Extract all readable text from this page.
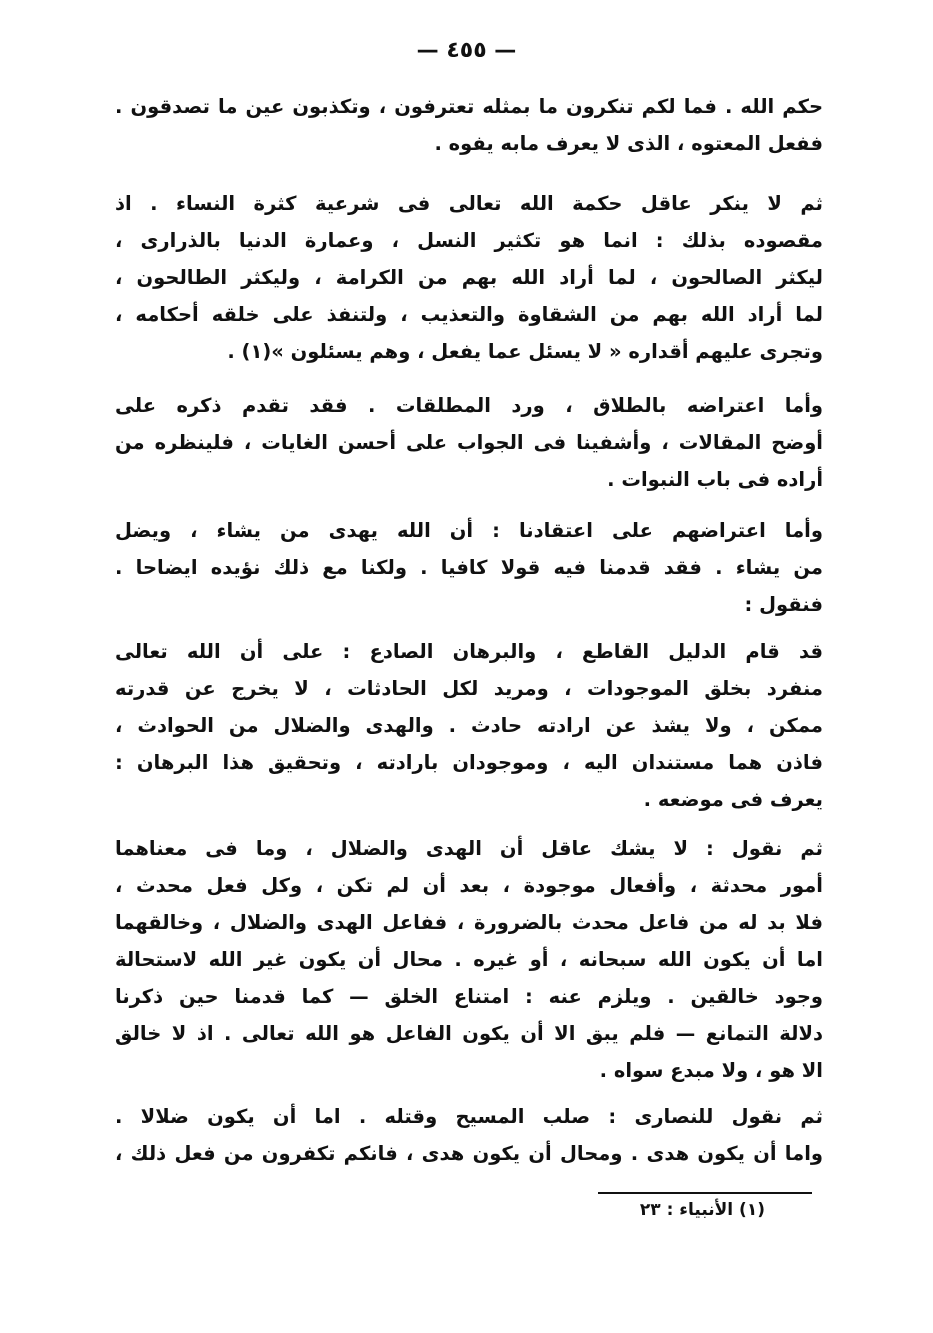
— ٤٥٥ —
حكم الله . فما لكم تنكرون ما بمثله تعترفون ، وتكذبون عين ما تصدقون .
ففعل المعتوه ، الذى لا يعرف مابه يفوه .
ثم لا ينكر عاقل حكمة الله تعالى فى شرعية كثرة النساء . اذ
مقصوده بذلك : انما هو تكثير النسل ، وعمارة الدنيا بالذرارى ،
ليكثر الصالحون ، لما أراد الله بهم من الكرامة ، وليكثر الطالحون ،
لما أراد الله بهم من الشقاوة والتعذيب ، ولتنفذ على خلقه أحكامه ،
وتجرى عليهم أقداره « لا يسئل عما يفعل ، وهم يسئلون »(١) .
وأما اعتراضه بالطلاق ، ورد المطلقات . فقد تقدم ذكره على
أوضح المقالات ، وأشفينا فى الجواب على أحسن الغايات ، فلينظره من
أراده فى باب النبوات .
وأما اعتراضهم على اعتقادنا : أن الله يهدى من يشاء ، ويضل
من يشاء . فقد قدمنا فيه قولا كافيا . ولكنا مع ذلك نؤيده ايضاحا .
فنقول :
قد قام الدليل القاطع ، والبرهان الصادع : على أن الله تعالى
منفرد بخلق الموجودات ، ومريد لكل الحادثات ، لا يخرج عن قدرته
ممكن ، ولا يشذ عن ارادته حادث . والهدى والضلال من الحوادث ،
فاذن هما مستندان اليه ، وموجودان بارادته ، وتحقيق هذا البرهان :
يعرف فى موضعه .
ثم نقول : لا يشك عاقل أن الهدى والضلال ، وما فى معناهما
أمور محدثة ، وأفعال موجودة ، بعد أن لم تكن ، وكل فعل محدث ،
فلا بد له من فاعل محدث بالضرورة ، ففاعل الهدى والضلال ، وخالقهما
اما أن يكون الله سبحانه ، أو غيره . محال أن يكون غير الله لاستحالة
وجود خالقين . ويلزم عنه : امتناع الخلق — كما قدمنا حين ذكرنا
دلالة التمانع — فلم يبق الا أن يكون الفاعل هو الله تعالى . اذ لا خالق
الا هو ، ولا مبدع سواه .
ثم نقول للنصارى : صلب المسيح وقتله . اما أن يكون ضلالا .
واما أن يكون هدى . ومحال أن يكون هدى ، فانكم تكفرون من فعل ذلك ،
(١) الأنبياء : ٢٣
